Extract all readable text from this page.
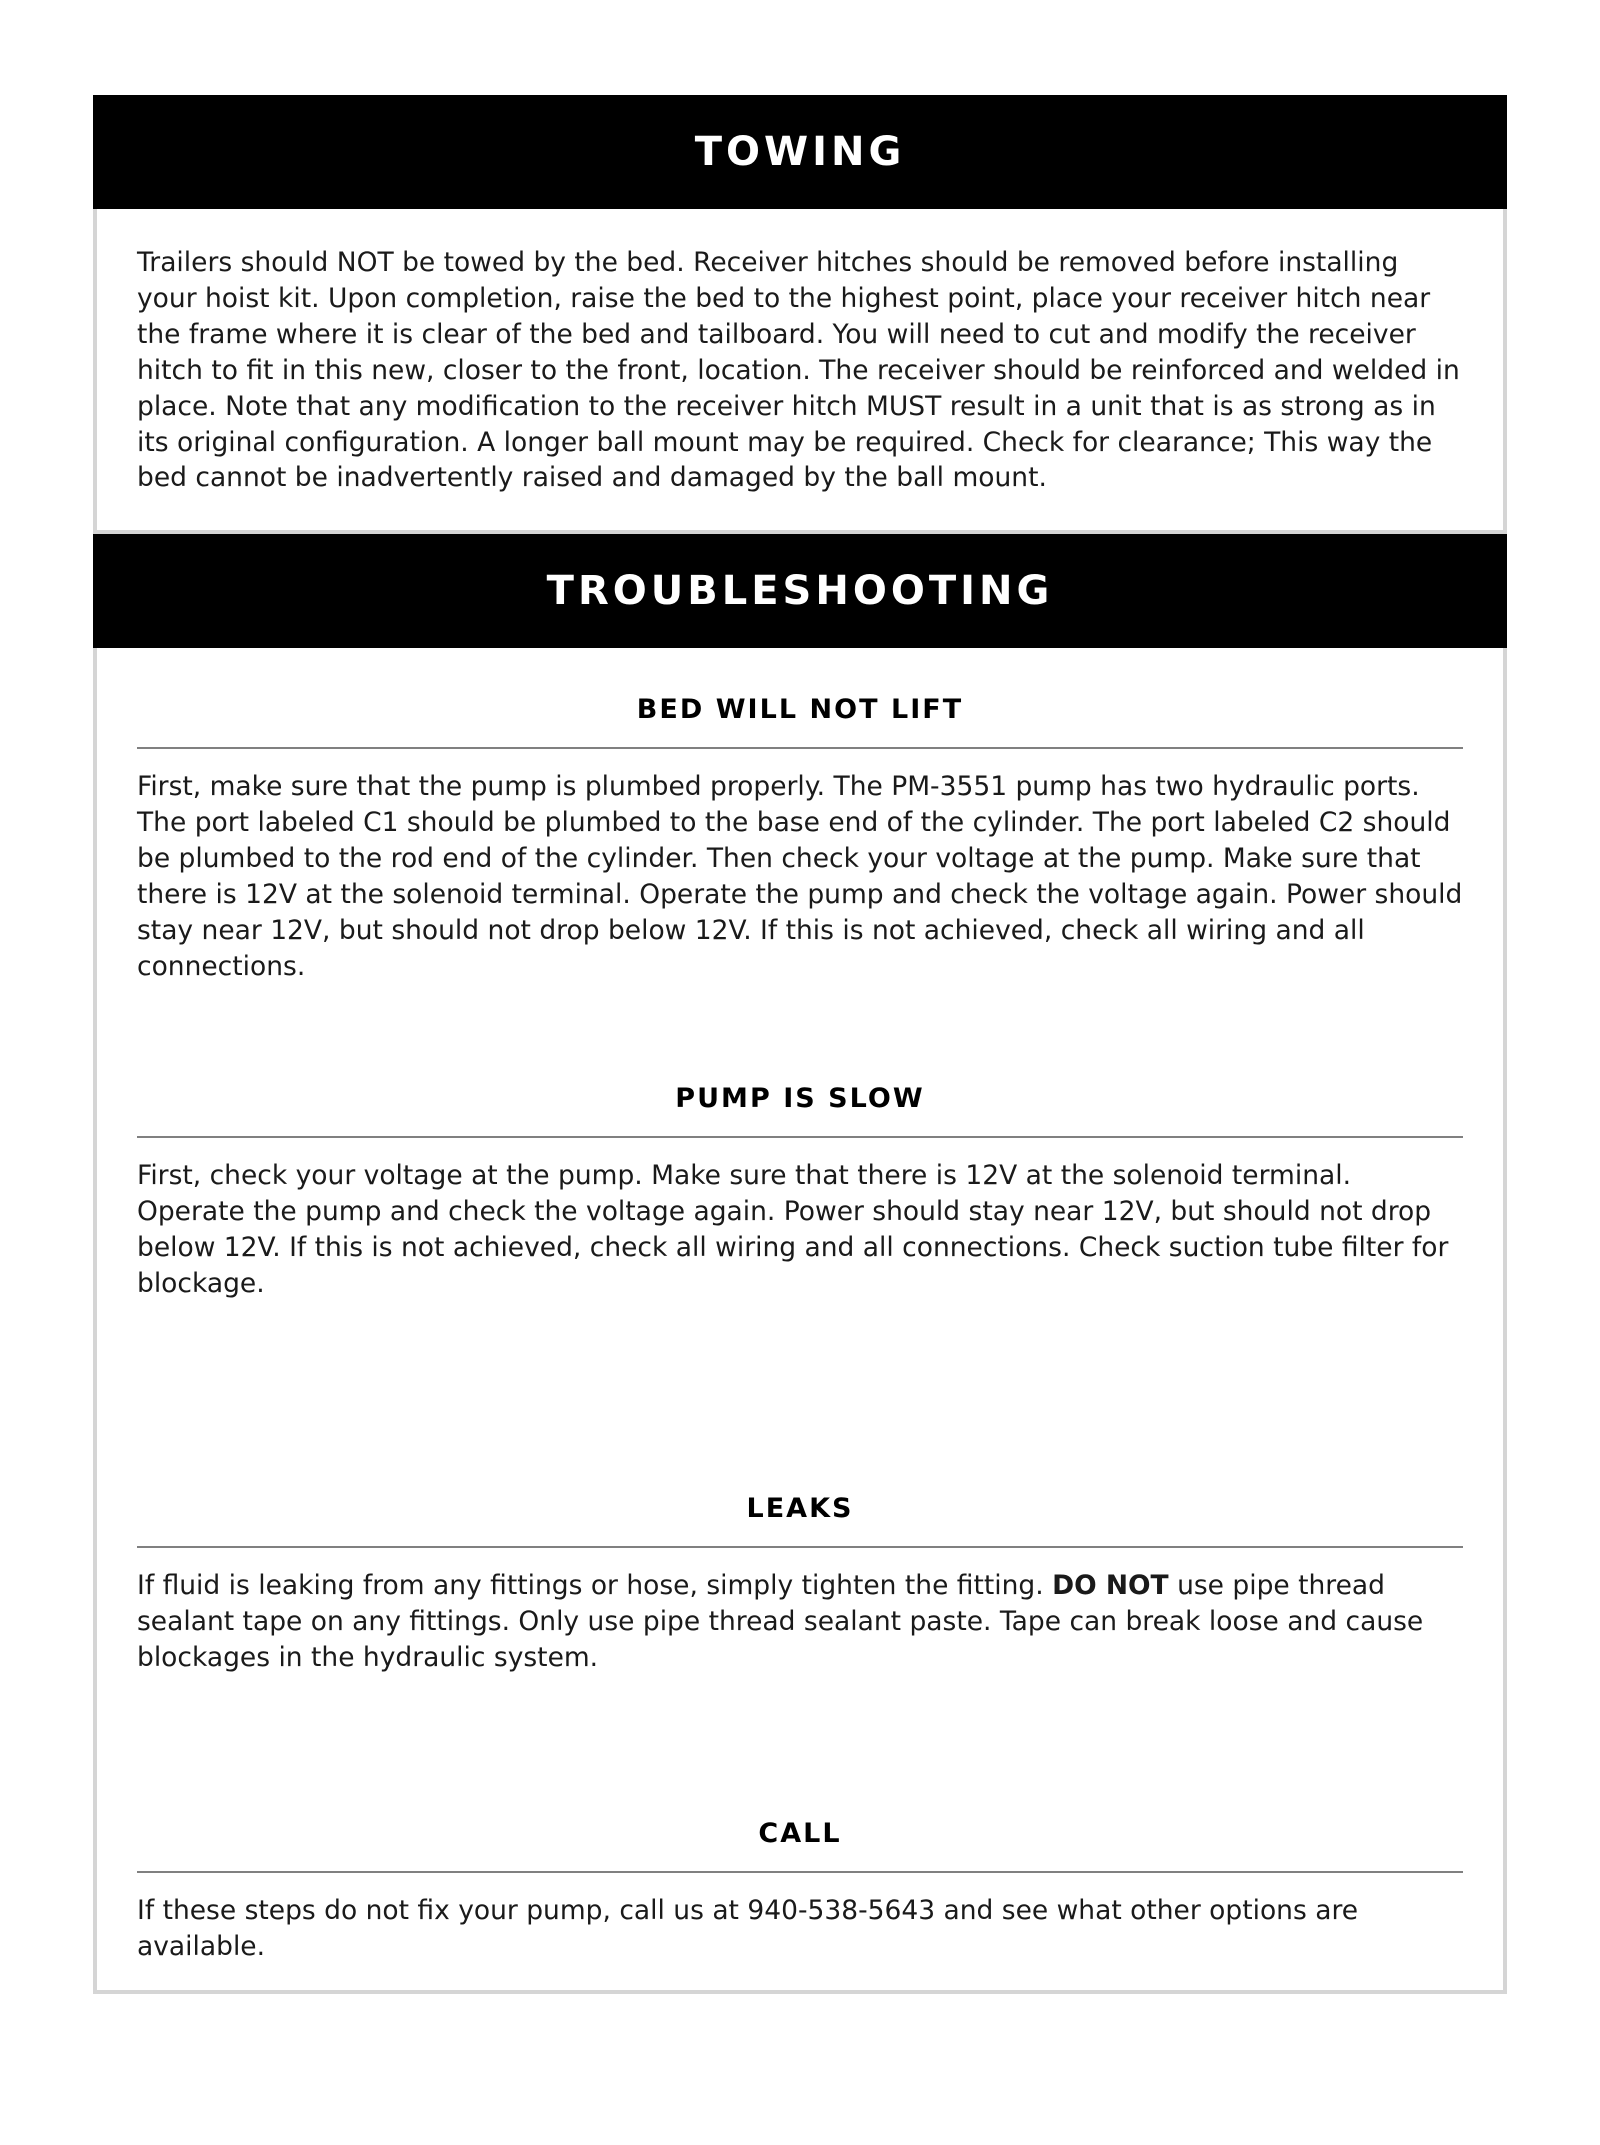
TOWING

Trailers should NOT be towed by the bed. Receiver hitches should be removed before installing your hoist kit. Upon completion, raise the bed to the highest point, place your receiver hitch near the frame where it is clear of the bed and tailboard. You will need to cut and modify the receiver hitch to fit in this new, closer to the front, location. The receiver should be reinforced and welded in place. Note that any modification to the receiver hitch MUST result in a unit that is as strong as in its original configuration. A longer ball mount may be required. Check for clearance; This way the bed cannot be inadvertently raised and damaged by the ball mount.

TROUBLESHOOTING
BED WILL NOT LIFT

First, make sure that the pump is plumbed properly. The PM-3551 pump has two hydraulic ports. The port labeled C1 should be plumbed to the base end of the cylinder. The port labeled C2 should be plumbed to the rod end of the cylinder. Then check your voltage at the pump. Make sure that there is 12V at the solenoid terminal. Operate the pump and check the voltage again. Power should stay near 12V, but should not drop below 12V. If this is not achieved, check all wiring and all connections.

PUMP IS SLOW

First, check your voltage at the pump. Make sure that there is 12V at the solenoid terminal. Operate the pump and check the voltage again. Power should stay near 12V, but should not drop below 12V. If this is not achieved, check all wiring and all connections. Check suction tube filter for blockage.

LEAKS

If fluid is leaking from any fittings or hose, simply tighten the fitting. DO NOT use pipe thread sealant tape on any fittings. Only use pipe thread sealant paste. Tape can break loose and cause blockages in the hydraulic system.

CALL

If these steps do not fix your pump, call us at 940-538-5643 and see what other options are available.
